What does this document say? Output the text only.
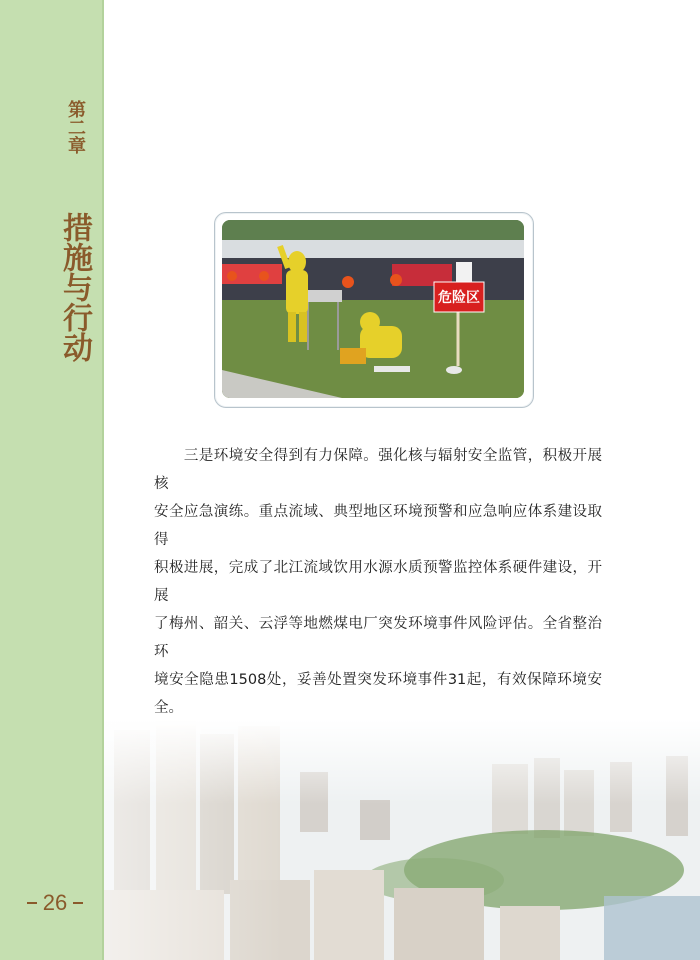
第二章
措施与行动
26
危险区

　　三是环境安全得到有力保障。强化核与辐射安全监管，积极开展核

安全应急演练。重点流域、典型地区环境预警和应急响应体系建设取得

积极进展，完成了北江流域饮用水源水质预警监控体系硬件建设，开展

了梅州、韶关、云浮等地燃煤电厂突发环境事件风险评估。全省整治环

境安全隐患1508处，妥善处置突发环境事件31起，有效保障环境安全。
